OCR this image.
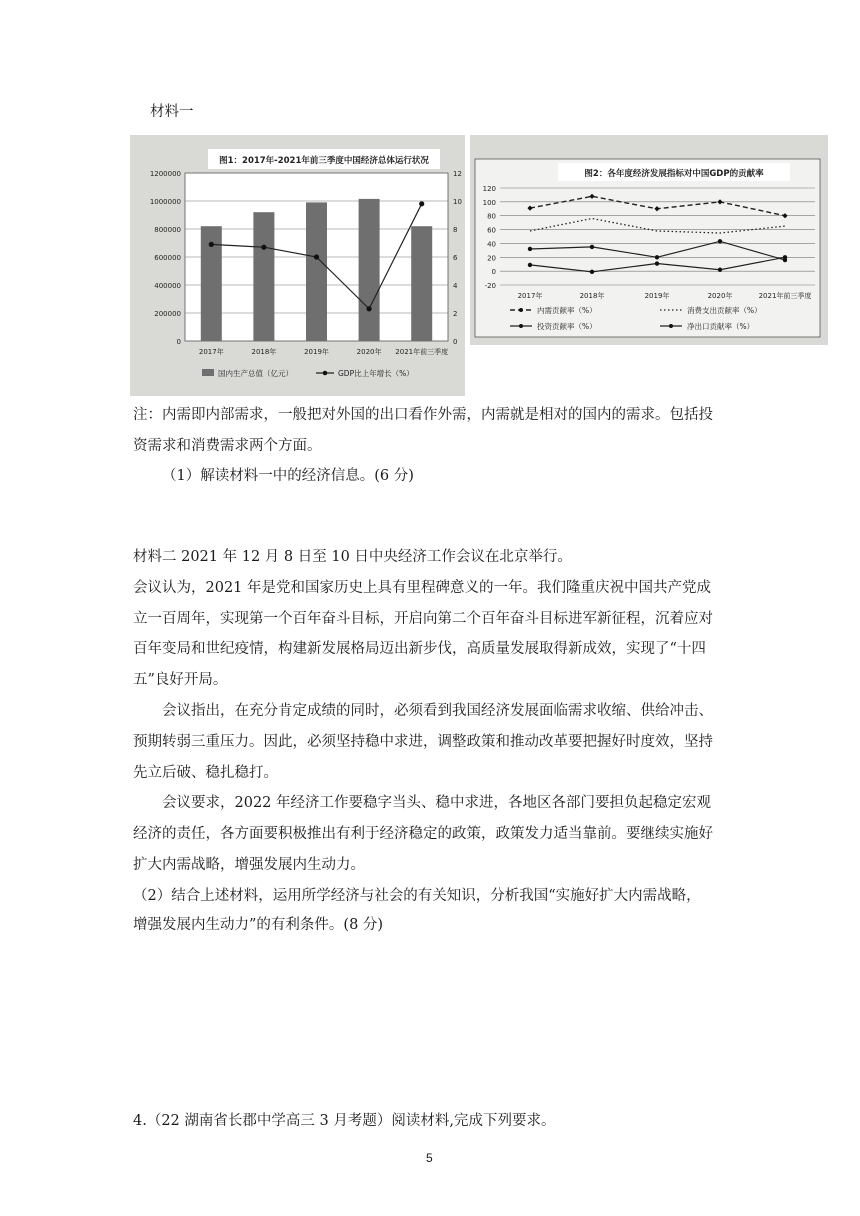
材料一
图1：2017年-2021年前三季度中国经济总体运行状况
0
200000
400000
600000
800000
1000000
1200000
0
2
4
6
8
10
12
2017年	2018年	2019年	2020年 2021年前三季度
国内生产总值（亿元）	GDP比上年增长（%）
图2：各年度经济发展指标对中国GDP的贡献率
-20
0
20
40
60
80
100
120
2017年	2018年	2019年	2020年	2021年前三季度
内需贡献率（%）	消费支出贡献率（%）
投资贡献率（%）	净出口贡献率（%）
注：内需即内部需求，一般把对外国的出口看作外需，内需就是相对的国内的需求。包括投
资需求和消费需求两个方面。
（1）解读材料一中的经济信息。(6 分)
材料二 2021 年 12 月 8 日至 10 日中央经济工作会议在北京举行。
会议认为，2021 年是党和国家历史上具有里程碑意义的一年。我们隆重庆祝中国共产党成
立一百周年，实现第一个百年奋斗目标，开启向第二个百年奋斗目标进军新征程，沉着应对
百年变局和世纪疫情，构建新发展格局迈出新步伐，高质量发展取得新成效，实现了“十四
五”良好开局。
会议指出，在充分肯定成绩的同时，必须看到我国经济发展面临需求收缩、供给冲击、
预期转弱三重压力。因此，必须坚持稳中求进，调整政策和推动改革要把握好时度效，坚持
先立后破、稳扎稳打。
会议要求，2022 年经济工作要稳字当头、稳中求进，各地区各部门要担负起稳定宏观
经济的责任，各方面要积极推出有利于经济稳定的政策，政策发力适当靠前。要继续实施好
扩大内需战略，增强发展内生动力。
（2）结合上述材料，运用所学经济与社会的有关知识，分析我国“实施好扩大内需战略，
增强发展内生动力”的有利条件。(8 分)
4.（22 湖南省长郡中学高三 3 月考题）阅读材料,完成下列要求。
5
